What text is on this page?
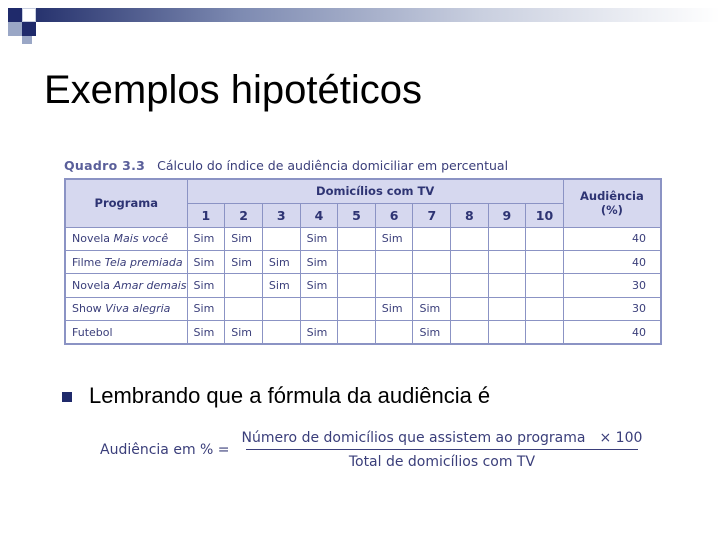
Exemplos hipotéticos
Quadro 3.3 Cálculo do índice de audiência domiciliar em percentual
Programa	Domicílios com TV										Audiência
(%)

	1	2	3	4	5	6	7	8	9	10	
Novela Mais você	Sim	Sim		Sim		Sim					40
Filme Tela premiada	Sim	Sim	Sim	Sim							40
Novela Amar demais	Sim		Sim	Sim							30
Show Viva alegria	Sim					Sim	Sim				30
Futebol	Sim	Sim		Sim			Sim				40
Lembrando que a fórmula da audiência é
Audiência em % = $\frac{\text{Número de domicílios que assistem ao programa × 100}}{\text{Total de domicílios com TV}}$
